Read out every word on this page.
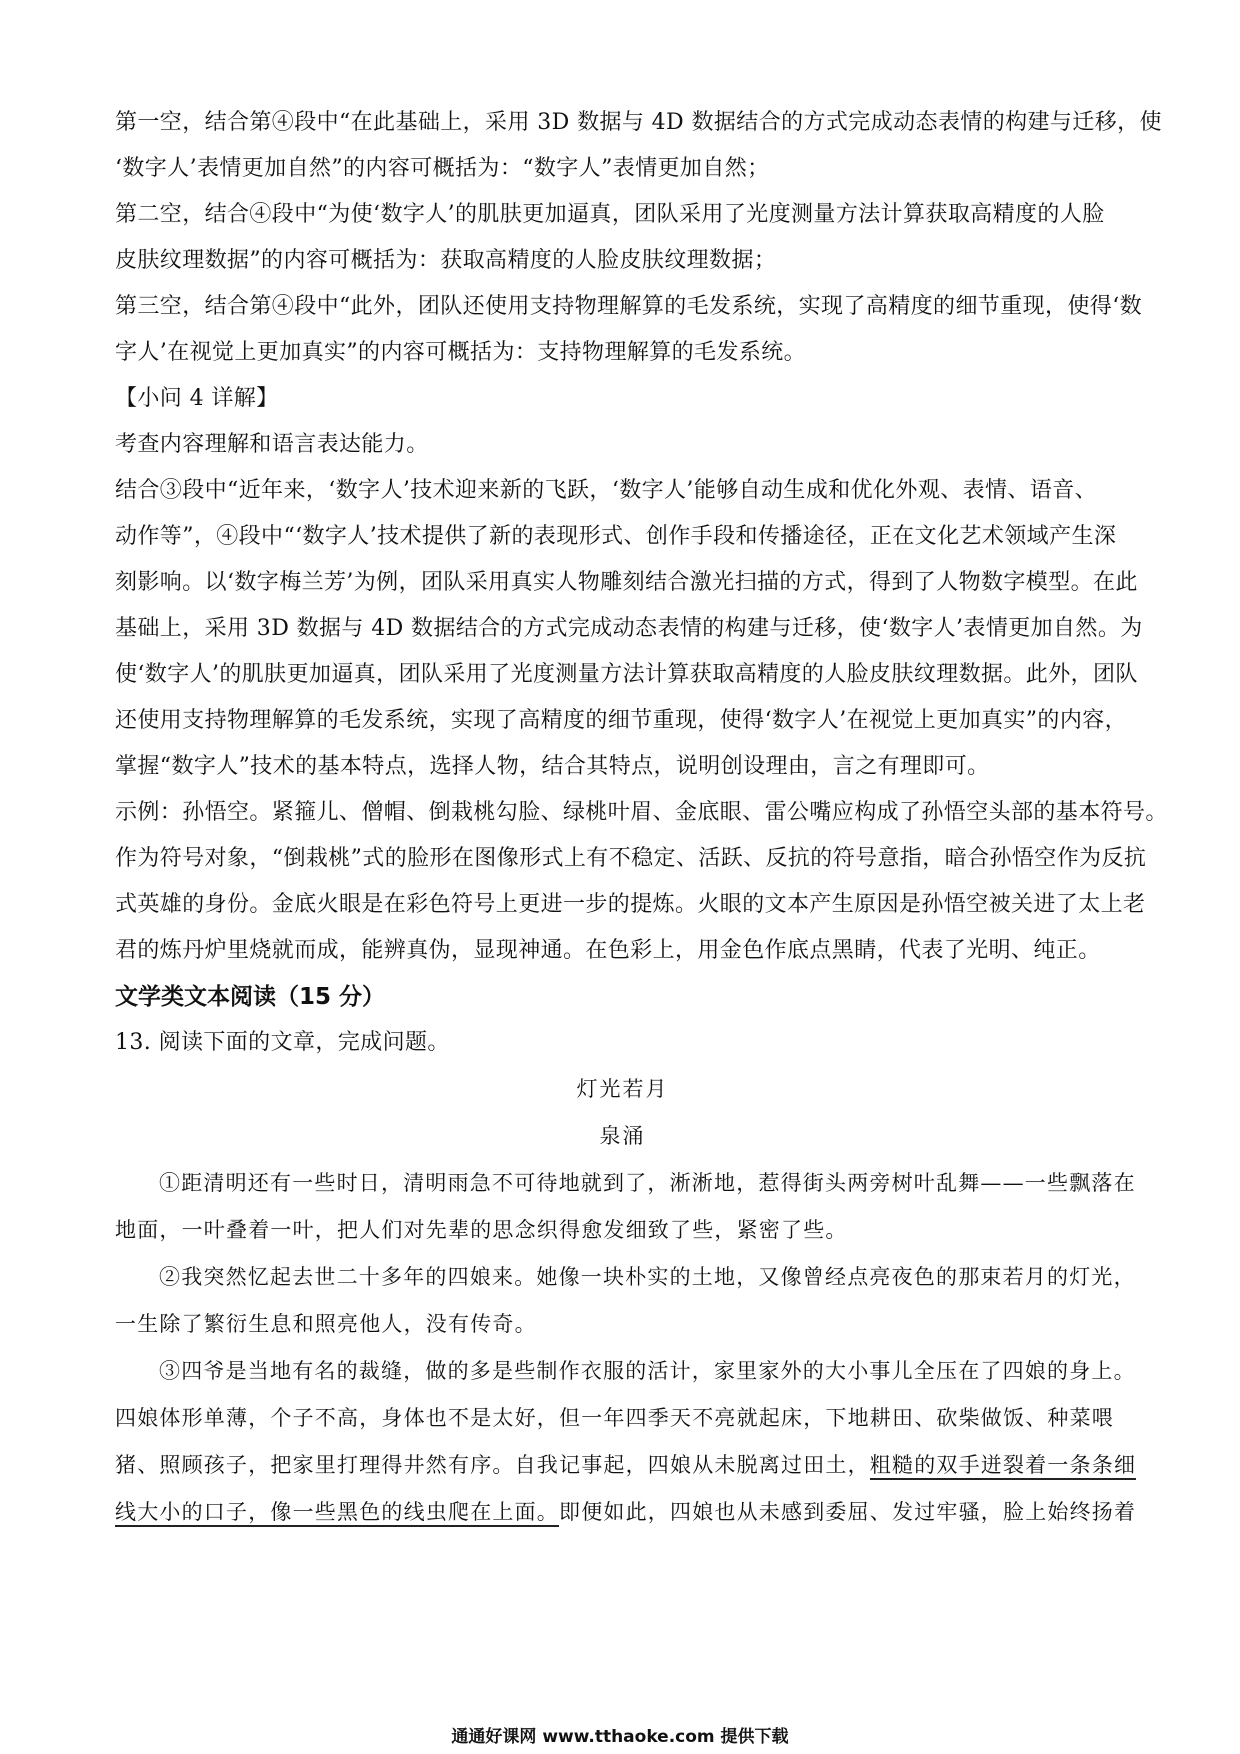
第一空，结合第④段中“在此基础上，采用 3D 数据与 4D 数据结合的方式完成动态表情的构建与迁移，使
‘数字人’表情更加自然”的内容可概括为：“数字人”表情更加自然；
第二空，结合④段中“为使‘数字人’的肌肤更加逼真，团队采用了光度测量方法计算获取高精度的人脸
皮肤纹理数据”的内容可概括为：获取高精度的人脸皮肤纹理数据；
第三空，结合第④段中“此外，团队还使用支持物理解算的毛发系统，实现了高精度的细节重现，使得‘数
字人’在视觉上更加真实”的内容可概括为：支持物理解算的毛发系统。
【小问 4 详解】
考查内容理解和语言表达能力。
结合③段中“近年来，‘数字人’技术迎来新的飞跃，‘数字人’能够自动生成和优化外观、表情、语音、
动作等”，④段中“‘数字人’技术提供了新的表现形式、创作手段和传播途径，正在文化艺术领域产生深
刻影响。以‘数字梅兰芳’为例，团队采用真实人物雕刻结合激光扫描的方式，得到了人物数字模型。在此
基础上，采用 3D 数据与 4D 数据结合的方式完成动态表情的构建与迁移，使‘数字人’表情更加自然。为
使‘数字人’的肌肤更加逼真，团队采用了光度测量方法计算获取高精度的人脸皮肤纹理数据。此外，团队
还使用支持物理解算的毛发系统，实现了高精度的细节重现，使得‘数字人’在视觉上更加真实”的内容，
掌握“数字人”技术的基本特点，选择人物，结合其特点，说明创设理由，言之有理即可。
示例：孙悟空。紧箍儿、僧帽、倒栽桃勾脸、绿桃叶眉、金底眼、雷公嘴应构成了孙悟空头部的基本符号。
作为符号对象，“倒栽桃”式的脸形在图像形式上有不稳定、活跃、反抗的符号意指，暗合孙悟空作为反抗
式英雄的身份。金底火眼是在彩色符号上更进一步的提炼。火眼的文本产生原因是孙悟空被关进了太上老
君的炼丹炉里烧就而成，能辨真伪，显现神通。在色彩上，用金色作底点黑睛，代表了光明、纯正。
文学类文本阅读（15 分）
13. 阅读下面的文章，完成问题。
灯光若月
泉涌
①距清明还有一些时日，清明雨急不可待地就到了，淅淅地，惹得街头两旁树叶乱舞——一些飘落在
地面，一叶叠着一叶，把人们对先辈的思念织得愈发细致了些，紧密了些。
②我突然忆起去世二十多年的四娘来。她像一块朴实的土地，又像曾经点亮夜色的那束若月的灯光，
一生除了繁衍生息和照亮他人，没有传奇。
③四爷是当地有名的裁缝，做的多是些制作衣服的活计，家里家外的大小事儿全压在了四娘的身上。
四娘体形单薄，个子不高，身体也不是太好，但一年四季天不亮就起床，下地耕田、砍柴做饭、种菜喂
猪、照顾孩子，把家里打理得井然有序。自我记事起，四娘从未脱离过田土，粗糙的双手迸裂着一条条细
线大小的口子，像一些黑色的线虫爬在上面。即便如此，四娘也从未感到委屈、发过牢骚，脸上始终扬着
通通好课网 www.tthaoke.com 提供下载
